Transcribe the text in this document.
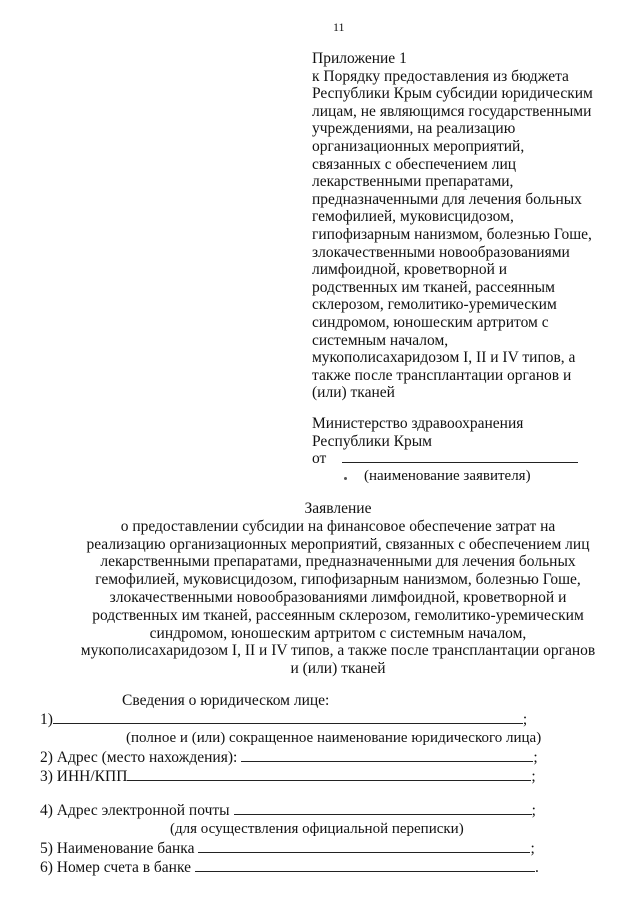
11
Приложение 1
к Порядку предоставления из бюджета
Республики Крым субсидии юридическим
лицам, не являющимся государственными
учреждениями, на реализацию
организационных мероприятий,
связанных с обеспечением лиц
лекарственными препаратами,
предназначенными для лечения больных
гемофилией, муковисцидозом,
гипофизарным нанизмом, болезнью Гоше,
злокачественными новообразованиями
лимфоидной, кроветворной и
родственных им тканей, рассеянным
склерозом, гемолитико-уремическим
синдромом, юношеским артритом с
системным началом,
мукополисахаридозом I, II и IV типов, а
также после трансплантации органов и
(или) тканей
Министерство здравоохранения
Республики Крым
от
(наименование заявителя)
Заявление
о предоставлении субсидии на финансовое обеспечение затрат на
реализацию организационных мероприятий, связанных с обеспечением лиц
лекарственными препаратами, предназначенными для лечения больных
гемофилией, муковисцидозом, гипофизарным нанизмом, болезнью Гоше,
злокачественными новообразованиями лимфоидной, кроветворной и
родственных им тканей, рассеянным склерозом, гемолитико-уремическим
синдромом, юношеским артритом с системным началом,
мукополисахаридозом I, II и IV типов, а также после трансплантации органов
и (или) тканей
Сведения о юридическом лице:
1)	;
(полное и (или) сокращенное наименование юридического лица)
2) Адрес (место нахождения):	;
3) ИНН/КПП	;
4) Адрес электронной почты	;
(для осуществления официальной переписки)
5) Наименование банка	;
6) Номер счета в банке	.
